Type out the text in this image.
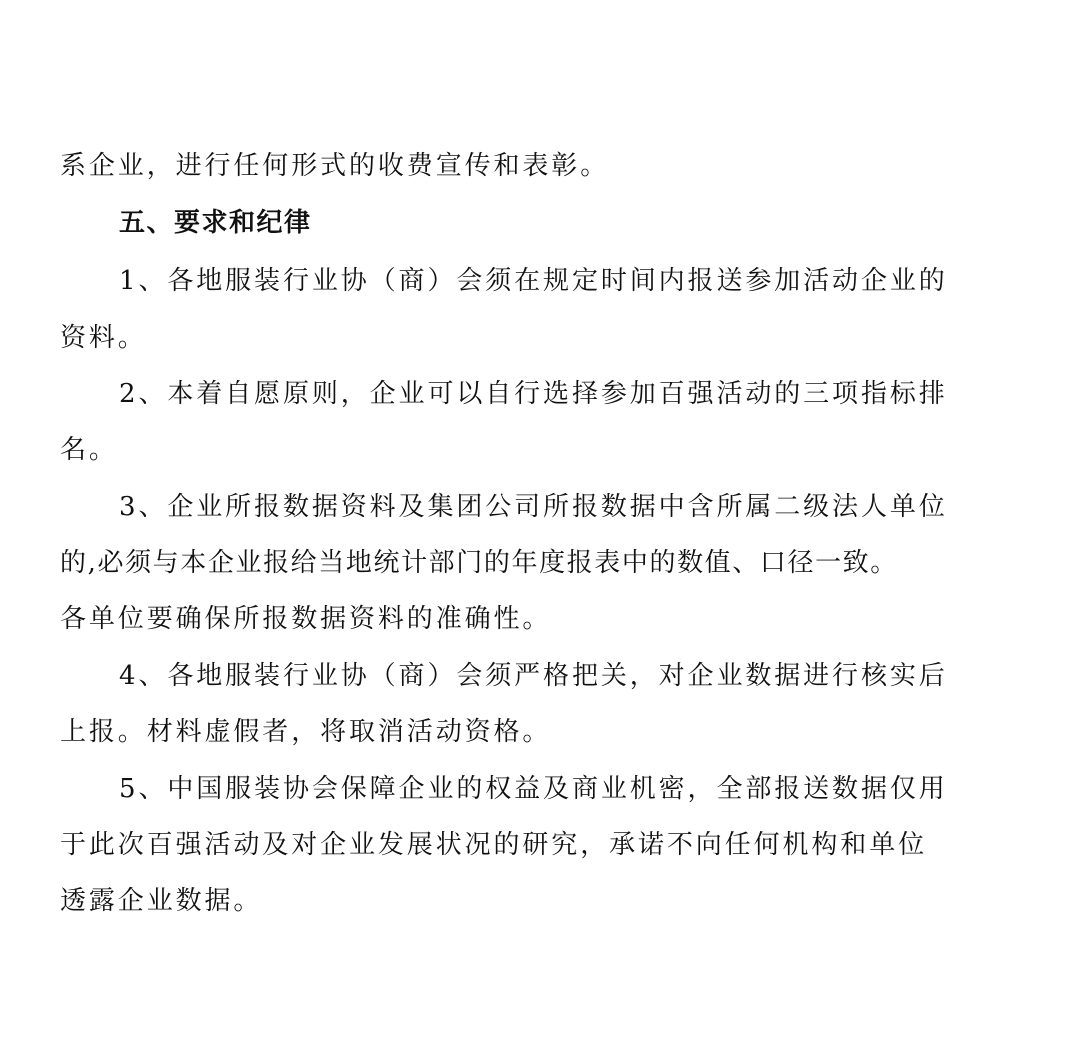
系企业，进行任何形式的收费宣传和表彰。
五、要求和纪律
1、各地服装行业协（商）会须在规定时间内报送参加活动企业的
资料。
2、本着自愿原则，企业可以自行选择参加百强活动的三项指标排
名。
3、企业所报数据资料及集团公司所报数据中含所属二级法人单位
的,必须与本企业报给当地统计部门的年度报表中的数值、口径一致。
各单位要确保所报数据资料的准确性。
4、各地服装行业协（商）会须严格把关，对企业数据进行核实后
上报。材料虚假者，将取消活动资格。
5、中国服装协会保障企业的权益及商业机密，全部报送数据仅用
于此次百强活动及对企业发展状况的研究，承诺不向任何机构和单位
透露企业数据。
